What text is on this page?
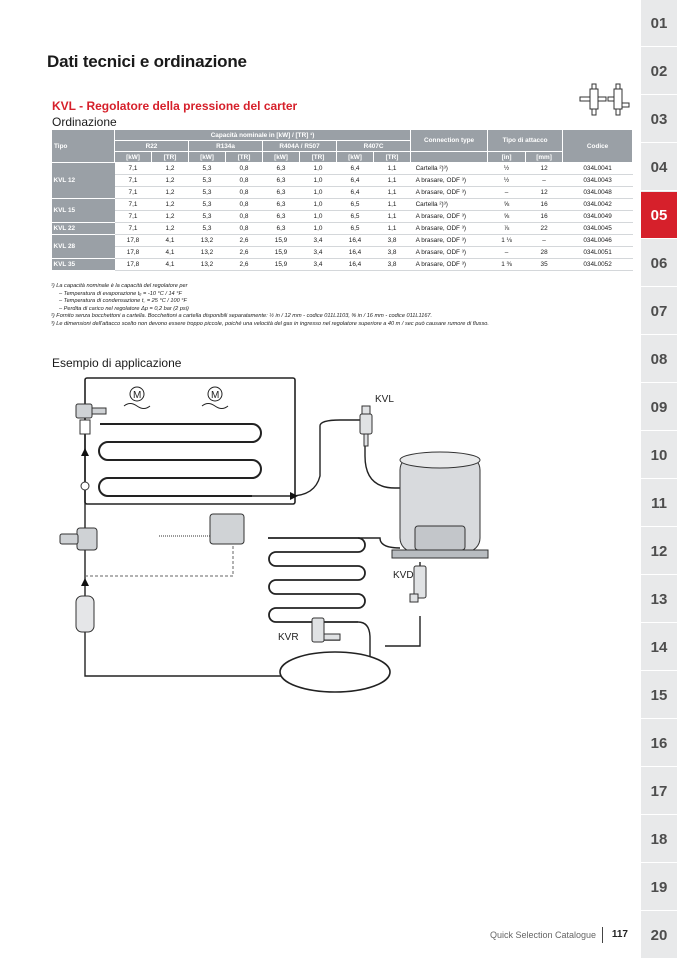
Dati tecnici e ordinazione
KVL - Regolatore della pressione del carter
Ordinazione
Tipo	Capacità nominale in [kW] / [TR] ¹)								Connection type	Tipo di attacco		Codice
	R22		R134a		R404A / R507		R407C					
	[kW]	[TR]	[kW]	[TR]	[kW]	[TR]	[kW]	[TR]		[in]	[mm]	
KVL 12	7,1	1,2	5,3	0,8	6,3	1,0	6,4	1,1	Cartella ²)³)	½	12	034L0041
	7,1	1,2	5,3	0,8	6,3	1,0	6,4	1,1	A brasare, ODF ³)	½	–	034L0043
	7,1	1,2	5,3	0,8	6,3	1,0	6,4	1,1	A brasare, ODF ³)	–	12	034L0048
KVL 15	7,1	1,2	5,3	0,8	6,3	1,0	6,5	1,1	Cartella ²)³)	⅝	16	034L0042
	7,1	1,2	5,3	0,8	6,3	1,0	6,5	1,1	A brasare, ODF ³)	⅝	16	034L0049
KVL 22	7,1	1,2	5,3	0,8	6,3	1,0	6,5	1,1	A brasare, ODF ³)	⅞	22	034L0045
KVL 28	17,8	4,1	13,2	2,6	15,9	3,4	16,4	3,8	A brasare, ODF ³)	1 ⅛	–	034L0046
	17,8	4,1	13,2	2,6	15,9	3,4	16,4	3,8	A brasare, ODF ³)	–	28	034L0051
KVL 35	17,8	4,1	13,2	2,6	15,9	3,4	16,4	3,8	A brasare, ODF ³)	1 ⅜	35	034L0052
¹) La capacità nominale è la capacità del regolatore per
– Temperatura di evaporazione tₑ = -10 °C / 14 °F
– Temperatura di condensazione t꜀ = 25 °C / 100 °F
– Perdita di carico nel regolatore Δp = 0,2 bar (2 psi)
²) Fornito senza bocchettoni a cartella. Bocchettoni a cartella disponibili separatamente: ½ in / 12 mm - codice 011L1103, ⅝ in / 16 mm - codice 011L1167.
³) Le dimensioni dell'attacco scelto non devono essere troppo piccole, poiché una velocità del gas in ingresso nel regolatore superiore a 40 m / sec può causare rumore di flusso.
Esempio di applicazione
M	M	KVL
KVD
KVR
01
02
03
04
05
06
07
08
09
10
11
12
13
14
15
16
17
18
19
20
Quick Selection Catalogue 117
